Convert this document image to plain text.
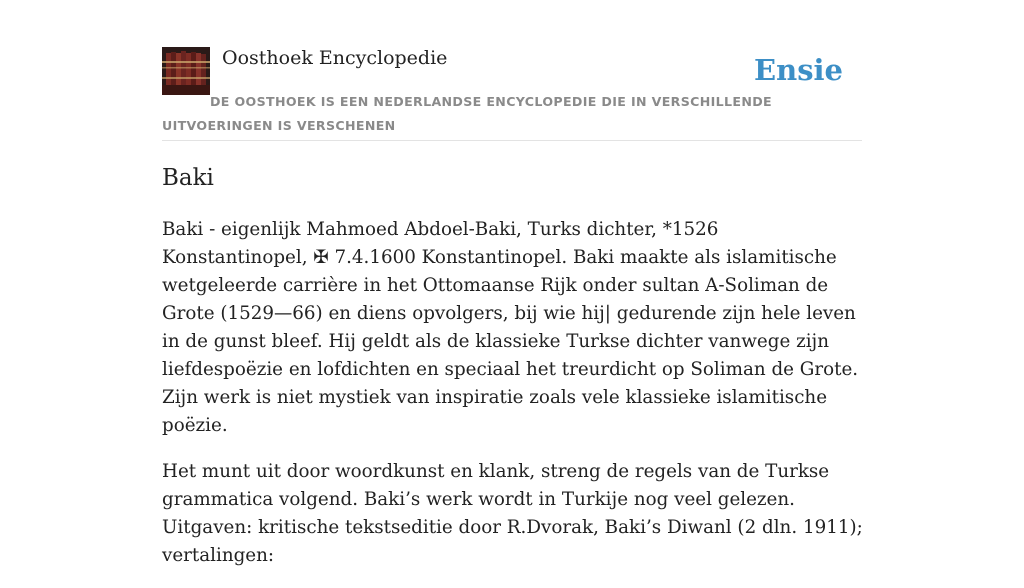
Oosthoek Encyclopedie	Ensie
DE OOSTHOEK IS EEN NEDERLANDSE ENCYCLOPEDIE DIE IN VERSCHILLENDE UITVOERINGEN IS VERSCHENEN
Baki

Baki - eigenlijk Mahmoed Abdoel-Baki, Turks dichter, *1526 Konstantinopel, ✠ 7.4.1600 Konstantinopel. Baki maakte als islamitische wetgeleerde carrière in het Ottomaanse Rijk onder sultan A-Soliman de Grote (1529—66) en diens opvolgers, bij wie hij| gedurende zijn hele leven in de gunst bleef. Hij geldt als de klassieke Turkse dichter vanwege zijn liefdespoëzie en lofdichten en speciaal het treurdicht op Soliman de Grote. Zijn werk is niet mystiek van inspiratie zoals vele klassieke islamitische poëzie.

Het munt uit door woordkunst en klank, streng de regels van de Turkse grammatica volgend. Baki’s werk wordt in Turkije nog veel gelezen. Uitgaven: kritische tekstseditie door R.Dvorak, Baki’s Diwanl (2 dln. 1911); vertalingen:
